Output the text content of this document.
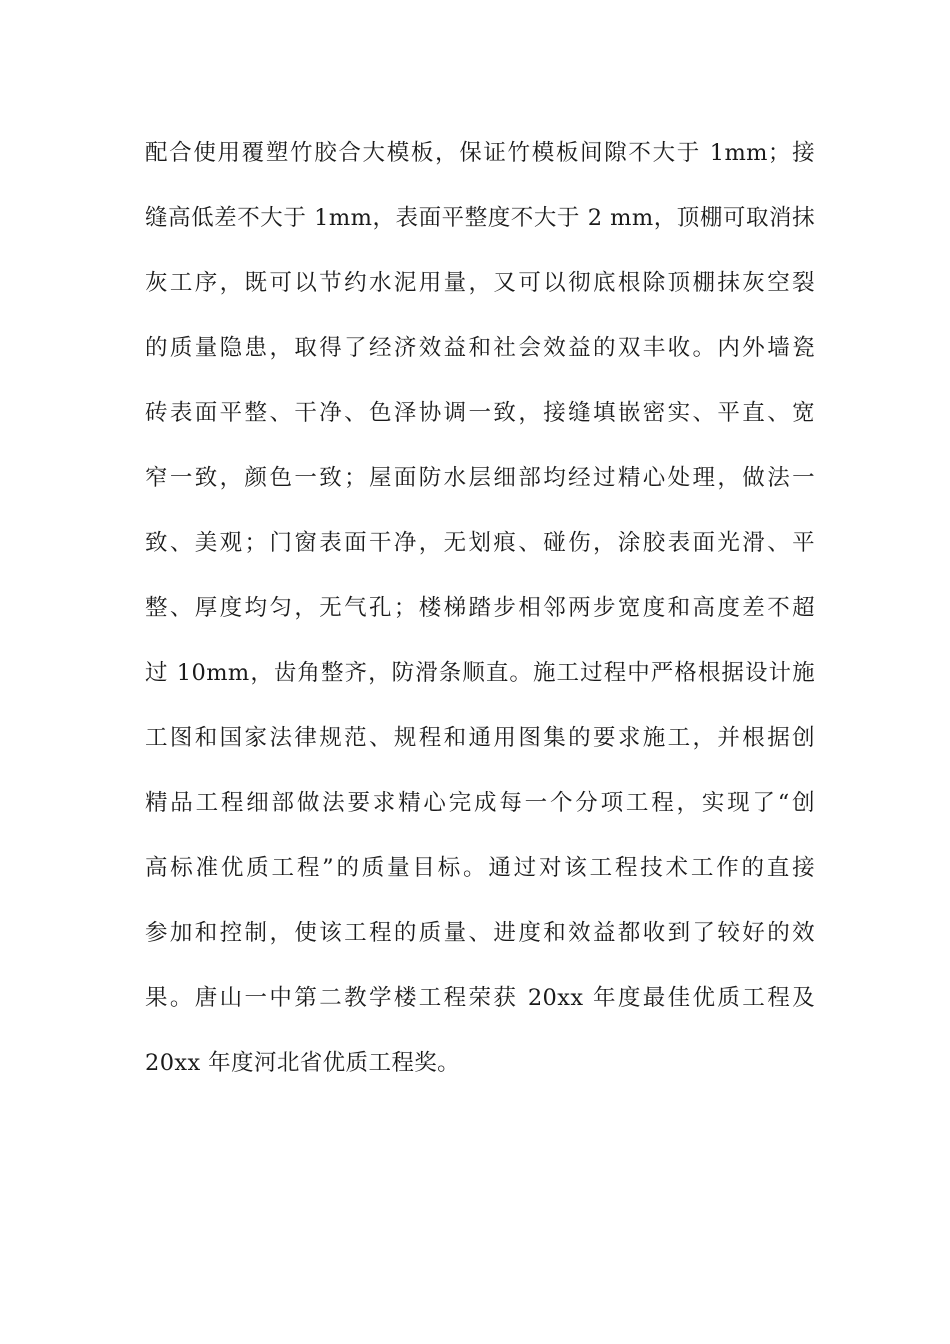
配合使用覆塑竹胶合大模板，保证竹模板间隙不大于 1mm；接
缝高低差不大于 1mm，表面平整度不大于 2 mm，顶棚可取消抹
灰工序，既可以节约水泥用量，又可以彻底根除顶棚抹灰空裂
的质量隐患，取得了经济效益和社会效益的双丰收。内外墙瓷
砖表面平整、干净、色泽协调一致，接缝填嵌密实、平直、宽
窄一致，颜色一致；屋面防水层细部均经过精心处理，做法一
致、美观；门窗表面干净，无划痕、碰伤，涂胶表面光滑、平
整、厚度均匀，无气孔；楼梯踏步相邻两步宽度和高度差不超
过 10mm，齿角整齐，防滑条顺直。施工过程中严格根据设计施
工图和国家法律规范、规程和通用图集的要求施工，并根据创
精品工程细部做法要求精心完成每一个分项工程，实现了“创
高标准优质工程”的质量目标。通过对该工程技术工作的直接
参加和控制，使该工程的质量、进度和效益都收到了较好的效
果。唐山一中第二教学楼工程荣获 20xx 年度最佳优质工程及
20xx 年度河北省优质工程奖。
